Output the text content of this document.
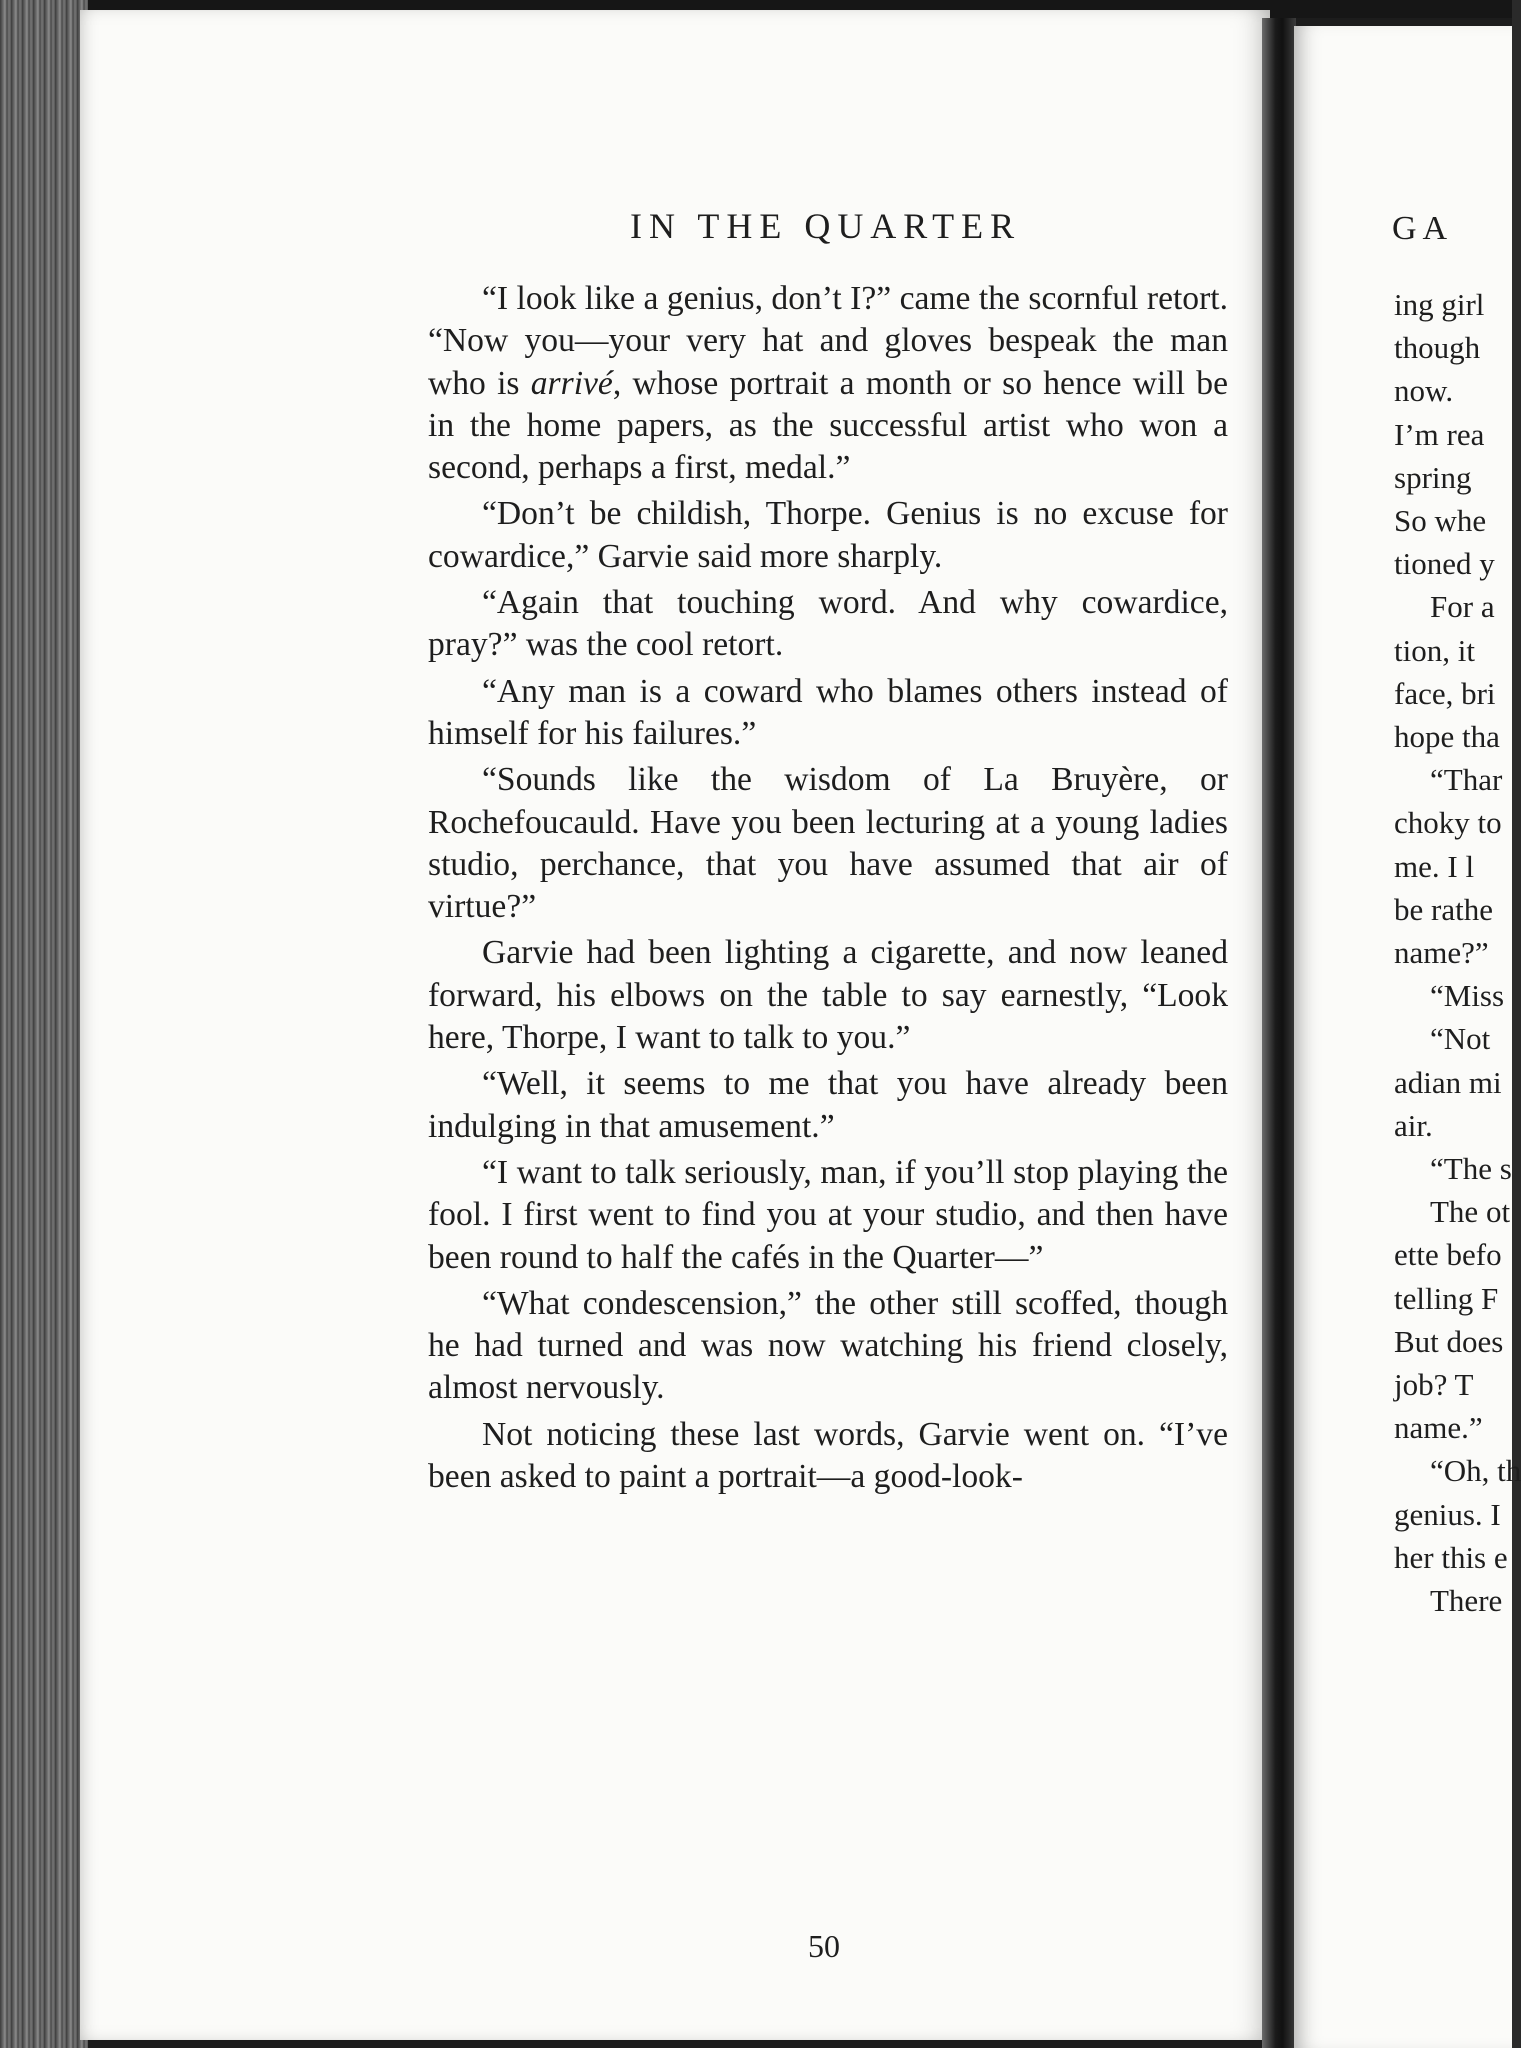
IN THE QUARTER

“I look like a genius, don’t I?” came the scornful retort. “Now you—your very hat and gloves bespeak the man who is arrivé, whose portrait a month or so hence will be in the home papers, as the successful artist who won a second, perhaps a first, medal.”

“Don’t be childish, Thorpe. Genius is no excuse for cowardice,” Garvie said more sharply.

“Again that touching word. And why cowardice, pray?” was the cool retort.

“Any man is a coward who blames others instead of himself for his failures.”

“Sounds like the wisdom of La Bruyère, or Rochefoucauld. Have you been lecturing at a young ladies studio, perchance, that you have assumed that air of virtue?”

Garvie had been lighting a cigarette, and now leaned forward, his elbows on the table to say earnestly, “Look here, Thorpe, I want to talk to you.”

“Well, it seems to me that you have already been indulging in that amusement.”

“I want to talk seriously, man, if you’ll stop playing the fool. I first went to find you at your studio, and then have been round to half the cafés in the Quarter—”

“What condescension,” the other still scoffed, though he had turned and was now watching his friend closely, almost nervously.

Not noticing these last words, Garvie went on. “I’ve been asked to paint a portrait—a good-look-

50

GA

ing girl
though
now.
I’m rea
spring
So whe
tioned y
For a
tion, it
face, bri
hope tha
“Thar
choky to
me. I l
be rathe
name?”
“Miss
“Not
adian mi
air.
“The s
The ot
ette befo
telling F
But does
job? T
name.”
“Oh, th
genius. I
her this e
There
